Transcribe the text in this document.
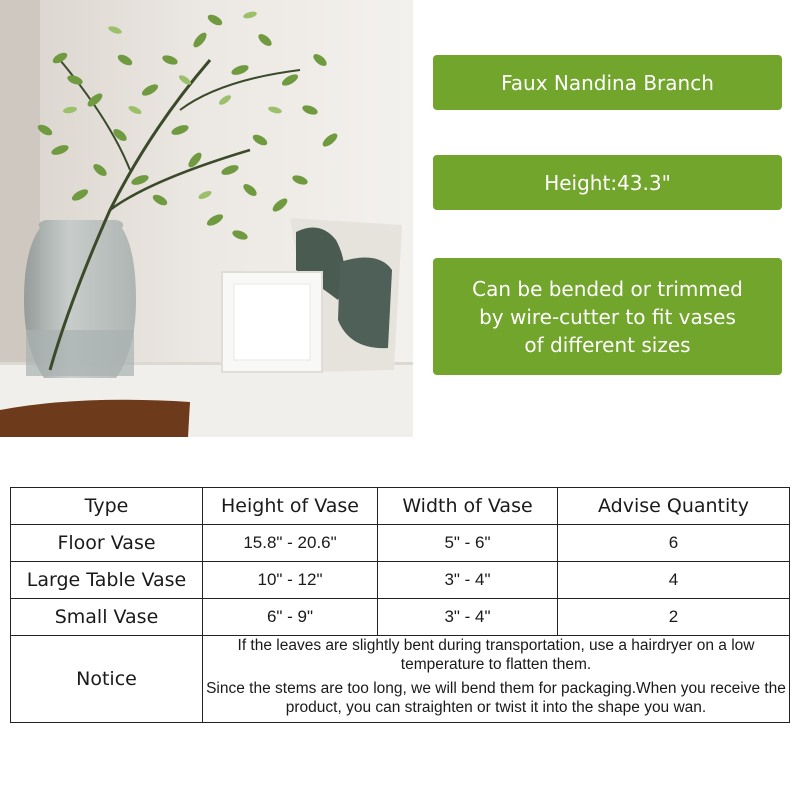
Faux Nandina Branch
Height:43.3"
Can be bended or trimmed
by wire-cutter to fit vases
of different sizes
Type	Height of Vase	Width of Vase	Advise Quantity
Floor Vase	15.8" - 20.6"	5" - 6"	6
Large Table Vase	10" - 12"	3" - 4"	4
Small Vase	6" - 9"	3" - 4"	2
Notice	If the leaves are slightly bent during transportation, use a hairdryer on a low temperature to flatten them.

Since the stems are too long, we will bend them for packaging.When you receive the product, you can straighten or twist it into the shape you wan.		
